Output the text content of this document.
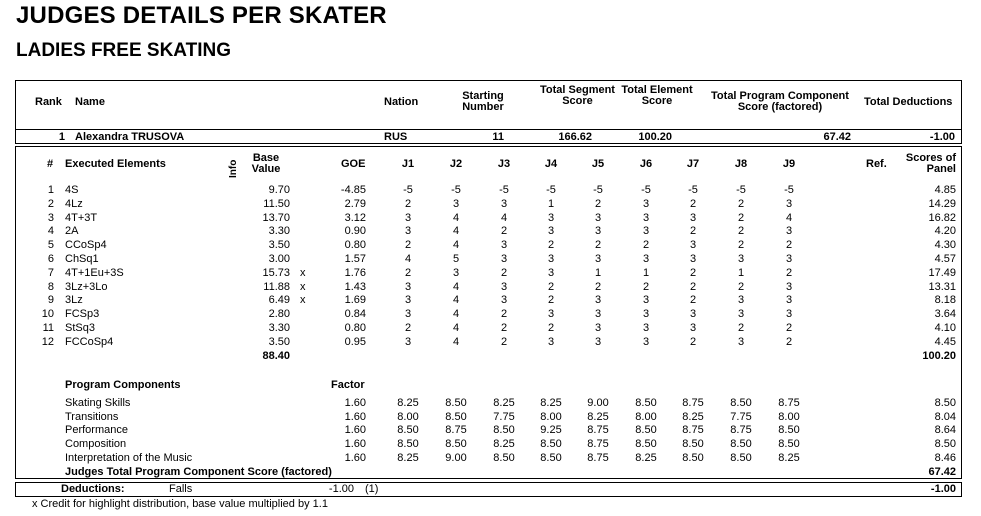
JUDGES DETAILS PER SKATER
LADIES FREE SKATING
Rank Name	Nation	Starting Number
Total Segment Score
Total Element Score	Total Program Component Score (factored)	Total Deductions
1 Alexandra TRUSOVA	RUS	11	166.62	100.20	67.42	-1.00
# Executed Elements	Info
Base Value	GOE	J1	J2	J3	J4	J5	J6	J7	J8	J9	Ref.	Scores of Panel
1 4S	9.70	-4.85	-5	-5	-5	-5	-5	-5	-5	-5	-5	4.85
2 4Lz	11.50	2.79	2	3	3	1	2	3	2	2	3	14.29
3 4T+3T	13.70	3.12	3	4	4	3	3	3	3	2	4	16.82
4 2A	3.30	0.90	3	4	2	3	3	3	2	2	3	4.20
5 CCoSp4	3.50	0.80	2	4	3	2	2	2	3	2	2	4.30
6 ChSq1	3.00	1.57	4	5	3	3	3	3	3	3	3	4.57
7 4T+1Eu+3S	15.73 x	1.76	2	3	2	3	1	1	2	1	2	17.49
8 3Lz+3Lo	11.88 x	1.43	3	4	3	2	2	2	2	2	3	13.31
9 3Lz	6.49 x	1.69	3	4	3	2	3	3	2	3	3	8.18
10 FCSp3	2.80	0.84	3	4	2	3	3	3	3	3	3	3.64
11 StSq3	3.30	0.80	2	4	2	2	3	3	3	2	2	4.10
12 FCCoSp4	3.50	0.95	3	4	2	3	3	3	2	3	2	4.45
88.40	100.20
Program Components	Factor
Skating Skills	1.60	8.25	8.50	8.25	8.25	9.00	8.50	8.75	8.50	8.75	8.50
Transitions	1.60	8.00	8.50	7.75	8.00	8.25	8.00	8.25	7.75	8.00	8.04
Performance	1.60	8.50	8.75	8.50	9.25	8.75	8.50	8.75	8.75	8.50	8.64
Composition	1.60	8.50	8.50	8.25	8.50	8.75	8.50	8.50	8.50	8.50	8.50
Interpretation of the Music	1.60	8.25	9.00	8.50	8.50	8.75	8.25	8.50	8.50	8.25	8.46
Judges Total Program Component Score (factored)	67.42
Deductions:	Falls	-1.00 (1)	-1.00
x Credit for highlight distribution, base value multiplied by 1.1
